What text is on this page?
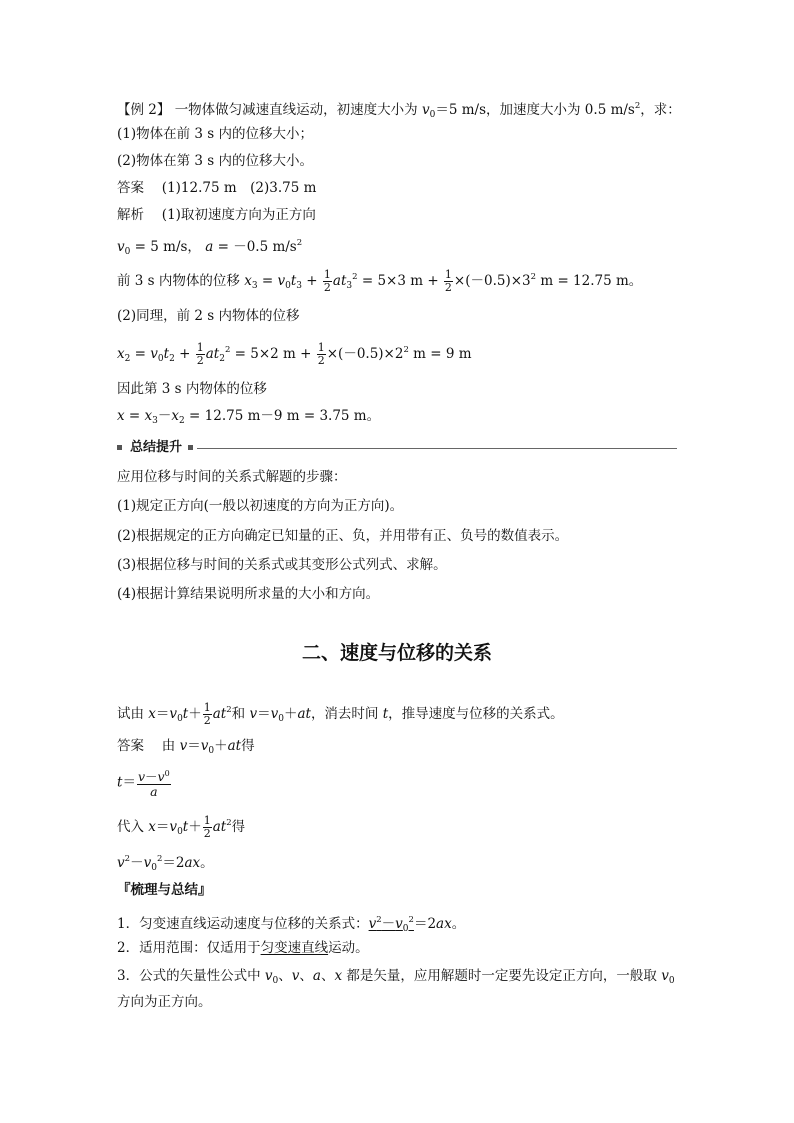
【例 2】 一物体做匀减速直线运动，初速度大小为 $v_0=5$ m/s，加速度大小为 0.5 $m/s^2$，求：
(1)物体在前 3 s 内的位移大小；
(2)物体在第 3 s 内的位移大小。
答案　 (1)12.75 m　(2)3.75 m
解析　 (1)取初速度方向为正方向
$v_0 = 5$ m/s， a = －0.5 $m/s^2$
前 3 s 内物体的位移 $x_3 = v_0t_3 + \frac{1}{2} at_3^2 = 5\times 3$ $m + \frac{1}{2} \times(-0.5)\times 3^2$ m = 12.75 m。
(2)同理，前 2 s 内物体的位移
$x_2 = v_0t_2 + \frac{1}{2} at_2^2 = 5\times 2$ $m + \frac{1}{2} \times(-0.5)\times 2^2$ m = 9 m
因此第 3 s 内物体的位移
$x = x_3-x_2 = 12.75$ m－9 m = 3.75 m。
总结提升
应用位移与时间的关系式解题的步骤：
(1)规定正方向(一般以初速度的方向为正方向)。
(2)根据规定的正方向确定已知量的正、负，并用带有正、负号的数值表示。
(3)根据位移与时间的关系式或其变形公式列式、求解。
(4)根据计算结果说明所求量的大小和方向。
二、速度与位移的关系
试由 $x=v_0t+ \frac{1}{2} at^2$和 $v=v_0+at$，消去时间 t，推导速度与位移的关系式。
答案　 由 $v=v_0+at$得
$t= \frac{v-v^0}{a}$
代入 $x=v_0t+ \frac{1}{2} at^2$得
$v^2-v_0^2=2ax$。
『梳理与总结』
1．匀变速直线运动速度与位移的关系式：$v^2-v_0^2=2ax$。
2．适用范围：仅适用于匀变速直线运动。
3．公式的矢量性公式中 $v_0$、v、a、x 都是矢量，应用解题时一定要先设定正方向，一般取 $v_0$
方向为正方向。
